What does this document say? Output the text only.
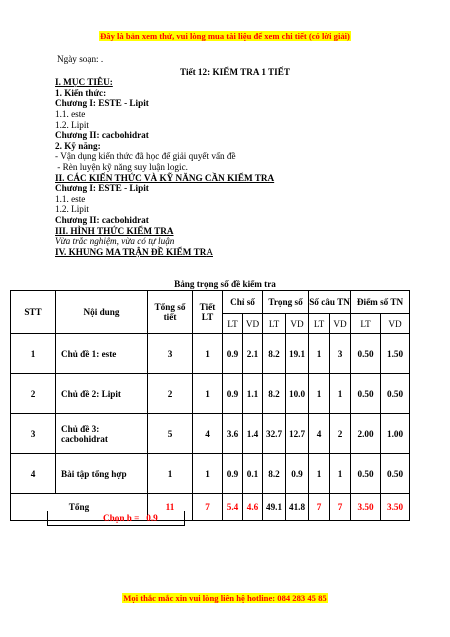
Đây là bản xem thử, vui lòng mua tài liệu để xem chi tiết (có lời giải)
Ngày soạn: .
Tiết 12: KIỂM TRA 1 TIẾT
I. MỤC TIÊU:
1. Kiến thức:
Chương I: ESTE - Lipit
1.1. este
1.2. Lipit
Chương II: cacbohidrat
2. Kỹ năng:
- Vận dụng kiến thức đã học để giải quyết vấn đề
- Rèn luyện kỹ năng suy luận logic.
II. CÁC KIẾN THỨC VÀ KỸ NĂNG CẦN KIỂM TRA
Chương I: ESTE - Lipit
1.1. este
1.2. Lipit
Chương II: cacbohidrat
III. HÌNH THỨC KIỂM TRA
Vừa trắc nghiệm, vừa có tự luận
IV. KHUNG MA TRẬN ĐỀ KIỂM TRA
Bảng trọng số đề kiểm tra
STT	Nội dung	Tổng số tiết	Tiết LT	Chỉ số		Trọng số		Số câu TN		Điểm số TN	
				LT	VD	LT	VD	LT	VD	LT	VD
1	Chủ đề 1: este	3	1	0.9	2.1	8.2	19.1	1	3	0.50	1.50
2	Chủ đề 2: Lipit	2	1	0.9	1.1	8.2	10.0	1	1	0.50	0.50
3	Chủ đề 3: cacbohidrat	5	4	3.6	1.4	32.7	12.7	4	2	2.00	1.00
4	Bài tập tổng hợp	1	1	0.9	0.1	8.2	0.9	1	1	0.50	0.50
Tổng		11	7	5.4	4.6	49.1	41.8	7	7	3.50	3.50
Chọn h = 0.9
Mọi thắc mắc xin vui lòng liên hệ hotline: 084 283 45 85
